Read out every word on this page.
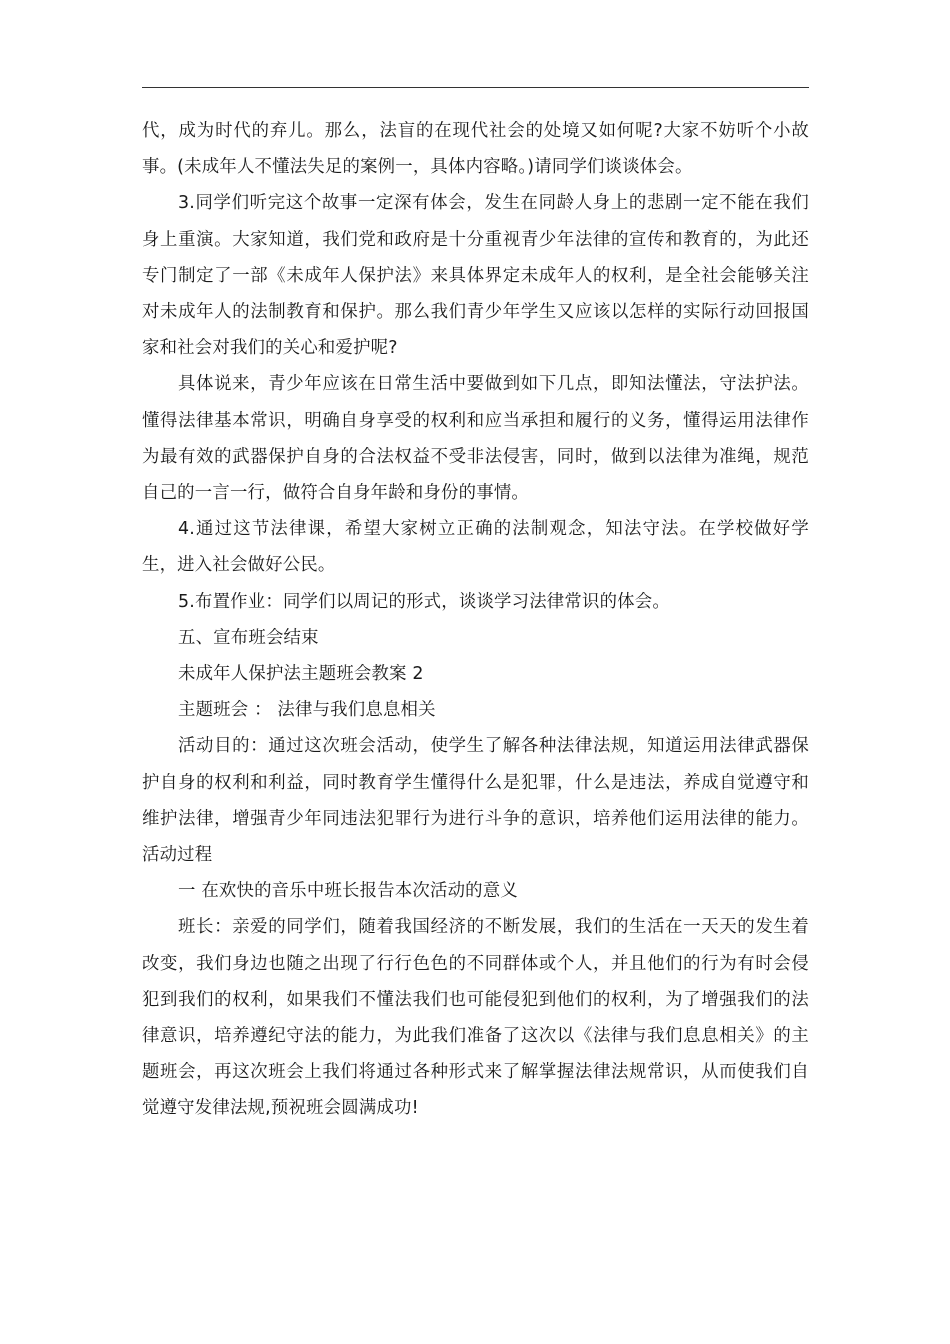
代，成为时代的弃儿。那么，法盲的在现代社会的处境又如何呢?大家不妨听个小故事。(未成年人不懂法失足的案例一，具体内容略。)请同学们谈谈体会。

3.同学们听完这个故事一定深有体会，发生在同龄人身上的悲剧一定不能在我们身上重演。大家知道，我们党和政府是十分重视青少年法律的宣传和教育的，为此还专门制定了一部《未成年人保护法》来具体界定未成年人的权利，是全社会能够关注对未成年人的法制教育和保护。那么我们青少年学生又应该以怎样的实际行动回报国家和社会对我们的关心和爱护呢?

具体说来，青少年应该在日常生活中要做到如下几点，即知法懂法，守法护法。懂得法律基本常识，明确自身享受的权利和应当承担和履行的义务，懂得运用法律作为最有效的武器保护自身的合法权益不受非法侵害，同时，做到以法律为准绳，规范自己的一言一行，做符合自身年龄和身份的事情。

4.通过这节法律课，希望大家树立正确的法制观念，知法守法。在学校做好学生，进入社会做好公民。

5.布置作业：同学们以周记的形式，谈谈学习法律常识的体会。

五、宣布班会结束

未成年人保护法主题班会教案 2

主题班会 ： 法律与我们息息相关

活动目的：通过这次班会活动，使学生了解各种法律法规，知道运用法律武器保护自身的权利和利益，同时教育学生懂得什么是犯罪，什么是违法，养成自觉遵守和维护法律，增强青少年同违法犯罪行为进行斗争的意识，培养他们运用法律的能力。 活动过程

一 在欢快的音乐中班长报告本次活动的意义

班长：亲爱的同学们，随着我国经济的不断发展，我们的生活在一天天的发生着改变，我们身边也随之出现了行行色色的不同群体或个人，并且他们的行为有时会侵犯到我们的权利，如果我们不懂法我们也可能侵犯到他们的权利，为了增强我们的法律意识，培养遵纪守法的能力，为此我们准备了这次以《法律与我们息息相关》的主题班会，再这次班会上我们将通过各种形式来了解掌握法律法规常识，从而使我们自觉遵守发律法规,预祝班会圆满成功!
